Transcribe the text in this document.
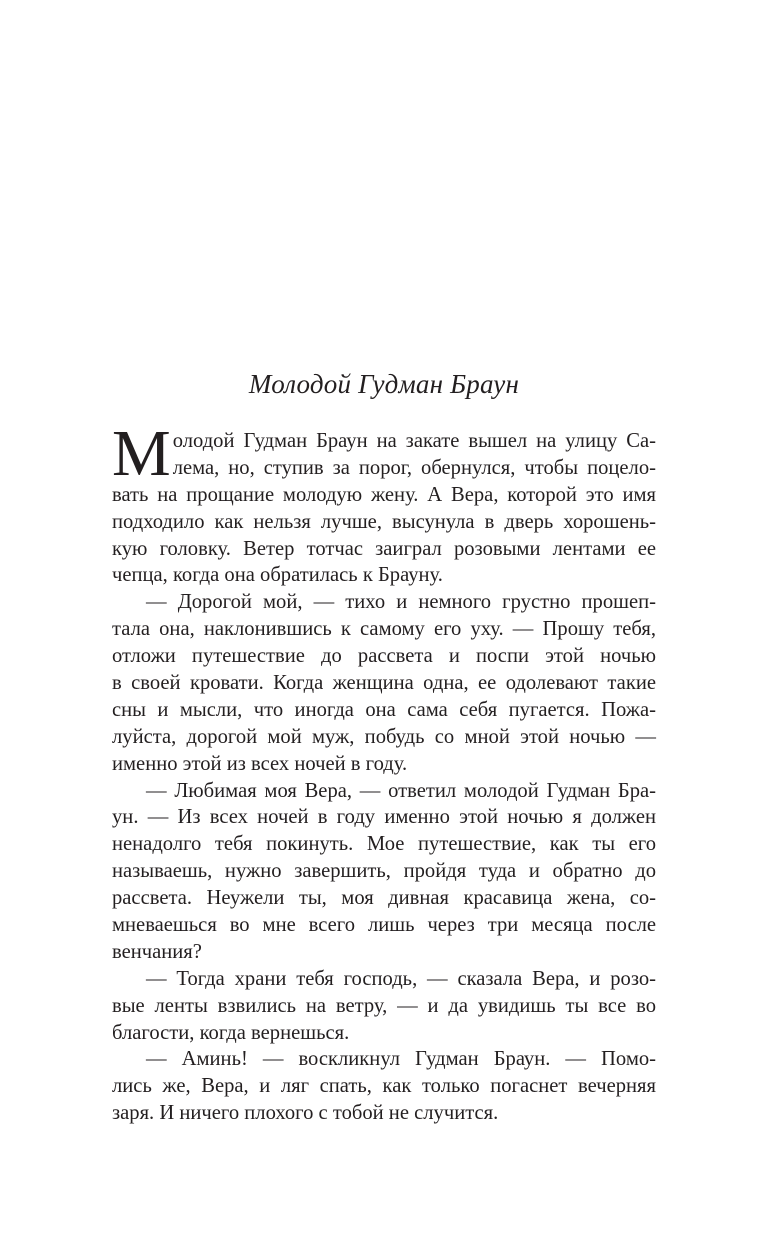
Молодой Гудман Браун
М олодой Гудман Браун на закате вышел на улицу Са-
лема, но, ступив за порог, обернулся, чтобы поцело-
вать на прощание молодую жену. А Вера, которой это имя
подходило как нельзя лучше, высунула в дверь хорошень-
кую головку. Ветер тотчас заиграл розовыми лентами ее
чепца, когда она обратилась к Брауну.
— Дорогой мой, — тихо и немного грустно прошеп-
тала она, наклонившись к самому его уху. — Прошу тебя,
отложи путешествие до рассвета и поспи этой ночью
в своей кровати. Когда женщина одна, ее одолевают такие
сны и мысли, что иногда она сама себя пугается. Пожа-
луйста, дорогой мой муж, побудь со мной этой ночью —
именно этой из всех ночей в году.
— Любимая моя Вера, — ответил молодой Гудман Бра-
ун. — Из всех ночей в году именно этой ночью я должен
ненадолго тебя покинуть. Мое путешествие, как ты его
называешь, нужно завершить, пройдя туда и обратно до
рассвета. Неужели ты, моя дивная красавица жена, со-
мневаешься во мне всего лишь через три месяца после
венчания?
— Тогда храни тебя господь, — сказала Вера, и розо-
вые ленты взвились на ветру, — и да увидишь ты все во
благости, когда вернешься.
— Аминь! — воскликнул Гудман Браун. — Помо-
лись же, Вера, и ляг спать, как только погаснет вечерняя
заря. И ничего плохого с тобой не случится.
